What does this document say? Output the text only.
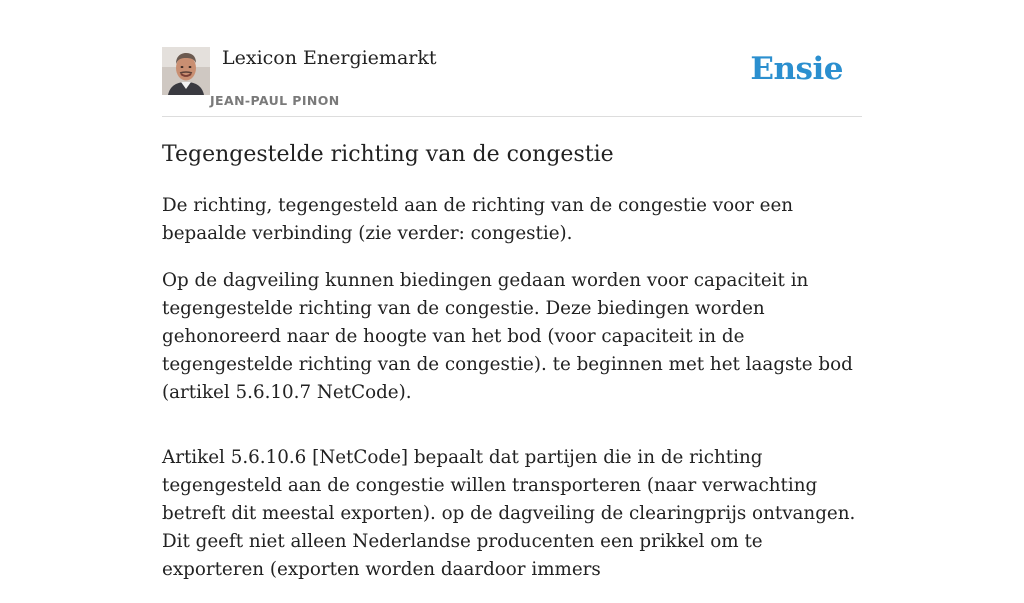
Lexicon Energiemarkt
JEAN-PAUL PINON
Ensie
Tegengestelde richting van de congestie

De richting, tegengesteld aan de richting van de congestie voor een bepaalde verbinding (zie verder: congestie).

Op de dagveiling kunnen biedingen gedaan worden voor capaciteit in tegengestelde richting van de congestie. Deze biedingen worden gehonoreerd naar de hoogte van het bod (voor capaciteit in de tegengestelde richting van de congestie). te beginnen met het laagste bod (artikel 5.6.10.7 NetCode).

Artikel 5.6.10.6 [NetCode] bepaalt dat partijen die in de richting tegengesteld aan de congestie willen transporteren (naar verwachting betreft dit meestal exporten). op de dagveiling de clearingprijs ontvangen. Dit geeft niet alleen Nederlandse producenten een prikkel om te exporteren (exporten worden daardoor immers
